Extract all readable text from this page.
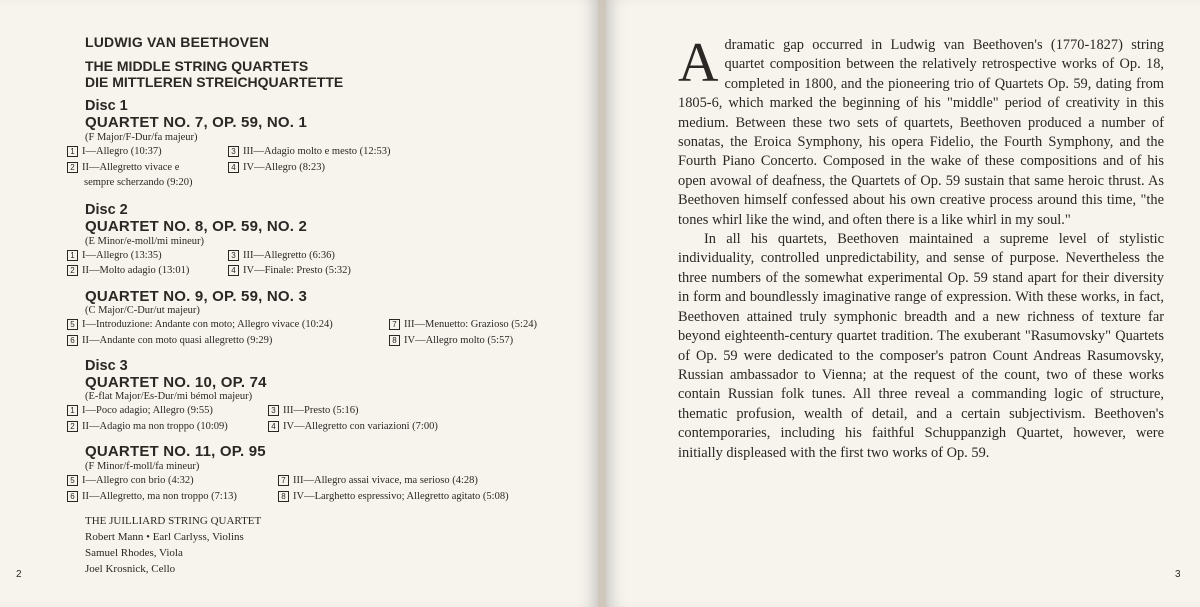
LUDWIG VAN BEETHOVEN
THE MIDDLE STRING QUARTETS
DIE MITTLEREN STREICHQUARTETTE
Disc 1
QUARTET NO. 7, OP. 59, NO. 1
(F Major/F-Dur/fa majeur)
1 I—Allegro (10:37)
2 II—Allegretto vivace e
sempre scherzando (9:20)
3 III—Adagio molto e mesto (12:53)
4 IV—Allegro (8:23)
Disc 2
QUARTET NO. 8, OP. 59, NO. 2
(E Minor/e-moll/mi mineur)
1 I—Allegro (13:35)
2 II—Molto adagio (13:01)
3 III—Allegretto (6:36)
4 IV—Finale: Presto (5:32)
QUARTET NO. 9, OP. 59, NO. 3
(C Major/C-Dur/ut majeur)
5 I—Introduzione: Andante con moto; Allegro vivace (10:24)
6 II—Andante con moto quasi allegretto (9:29)
7 III—Menuetto: Grazioso (5:24)
8 IV—Allegro molto (5:57)
Disc 3
QUARTET NO. 10, OP. 74
(E-flat Major/Es-Dur/mi bémol majeur)
1 I—Poco adagio; Allegro (9:55)
2 II—Adagio ma non troppo (10:09)
3 III—Presto (5:16)
4 IV—Allegretto con variazioni (7:00)
QUARTET NO. 11, OP. 95
(F Minor/f-moll/fa mineur)
5 I—Allegro con brio (4:32)
6 II—Allegretto, ma non troppo (7:13)
7 III—Allegro assai vivace, ma serioso (4:28)
8 IV—Larghetto espressivo; Allegretto agitato (5:08)
THE JUILLIARD STRING QUARTET
Robert Mann • Earl Carlyss, Violins
Samuel Rhodes, Viola
Joel Krosnick, Cello
2

A dramatic gap occurred in Ludwig van Beethoven's (1770-1827) string quartet composition between the relatively retrospective works of Op. 18, completed in 1800, and the pioneering trio of Quartets Op. 59, dating from 1805-6, which marked the beginning of his "middle" period of creativity in this medium. Between these two sets of quartets, Beethoven produced a number of sonatas, the Eroica Symphony, his opera Fidelio, the Fourth Symphony, and the Fourth Piano Concerto. Composed in the wake of these compositions and of his open avowal of deafness, the Quartets of Op. 59 sustain that same heroic thrust. As Beethoven himself confessed about his own creative process around this time, "the tones whirl like the wind, and often there is a like whirl in my soul."

In all his quartets, Beethoven maintained a supreme level of stylistic individuality, controlled unpredictability, and sense of purpose. Nevertheless the three numbers of the somewhat experimental Op. 59 stand apart for their diversity in form and boundlessly imaginative range of expression. With these works, in fact, Beethoven attained truly symphonic breadth and a new richness of texture far beyond eighteenth-century quartet tradition. The exuberant "Rasumovsky" Quartets of Op. 59 were dedicated to the composer's patron Count Andreas Rasumovsky, Russian ambassador to Vienna; at the request of the count, two of these works contain Russian folk tunes. All three reveal a commanding logic of structure, thematic profusion, wealth of detail, and a certain subjectivism. Beethoven's contemporaries, including his faithful Schuppanzigh Quartet, however, were initially displeased with the first two works of Op. 59.

3
